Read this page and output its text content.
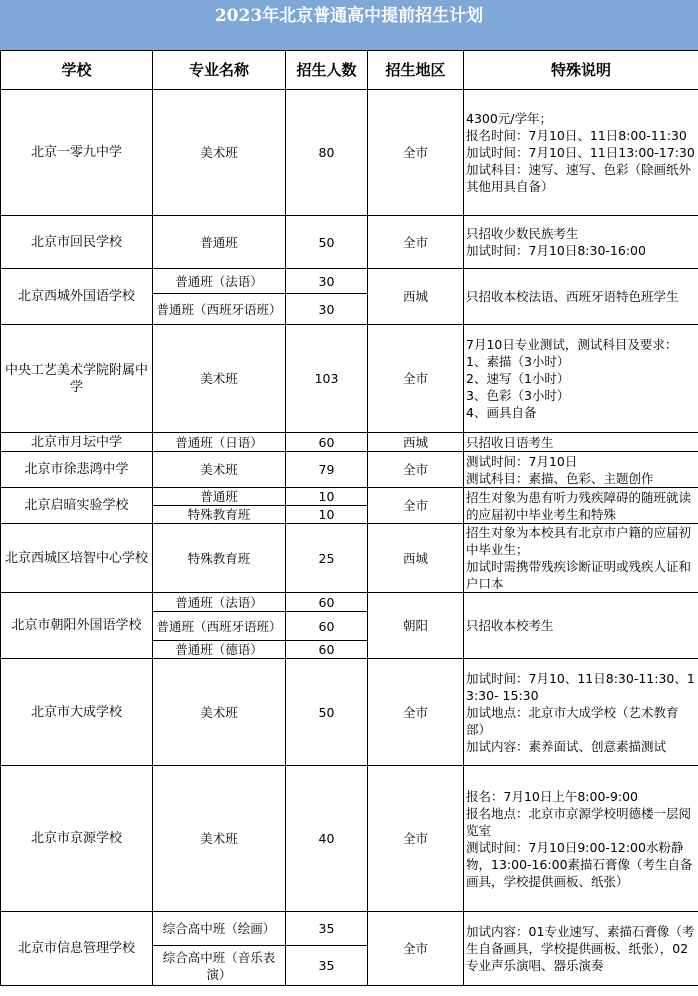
2023年北京普通高中提前招生计划
学校	专业名称	招生人数	招生地区	特殊说明
北京一零九中学	美术班	80	全市	4300元/学年；
报名时间：7月10日、11日8:00-11:30
加试时间：7月10日、11日13:00-17:30
加试科目：速写、速写、色彩（除画纸外其他用具自备）

北京市回民学校	普通班	50	全市	只招收少数民族考生
加试时间：7月10日8:30-16:00

北京西城外国语学校	普通班（法语）	30	西城	只招收本校法语、西班牙语特色班学生

	普通班（西班牙语班）	30		
中央工艺美术学院附属中学	美术班	103	全市	7月10日专业测试，测试科目及要求：
1、素描（3小时）
2、速写（1小时）
3、色彩（3小时）
4、画具自备

北京市月坛中学	普通班（日语）	60	西城	只招收日语考生

北京市徐悲鸿中学	美术班	79	全市	测试时间：7月10日
测试科目：素描、色彩、主题创作

北京启暗实验学校	普通班	10	全市	招生对象为患有听力残疾障碍的随班就读的应届初中毕业考生和特殊

	特殊教育班	10		
北京西城区培智中心学校	特殊教育班	25	西城	招生对象为本校具有北京市户籍的应届初中毕业生；
加试时需携带残疾诊断证明或残疾人证和户口本

北京市朝阳外国语学校	普通班（法语）	60	朝阳	只招收本校考生

	普通班（西班牙语班）	60		
	普通班（德语）	60		
北京市大成学校	美术班	50	全市	加试时间：7月10、11日8:30-11:30、13:30- 15:30
加试地点：北京市大成学校（艺术教育部）
加试内容：素养面试、创意素描测试

北京市京源学校	美术班	40	全市	报名：7月10日上午8:00-9:00
报名地点：北京市京源学校明德楼一层阅览室
测试时间：7月10日9:00-12:00水粉静物，13:00-16:00素描石膏像（考生自备画具，学校提供画板、纸张）

北京市信息管理学校	综合高中班（绘画）	35	全市	加试内容：01专业速写、素描石膏像（考生自备画具，学校提供画板、纸张），02专业声乐演唱、器乐演奏

	综合高中班（音乐表演）	35		
